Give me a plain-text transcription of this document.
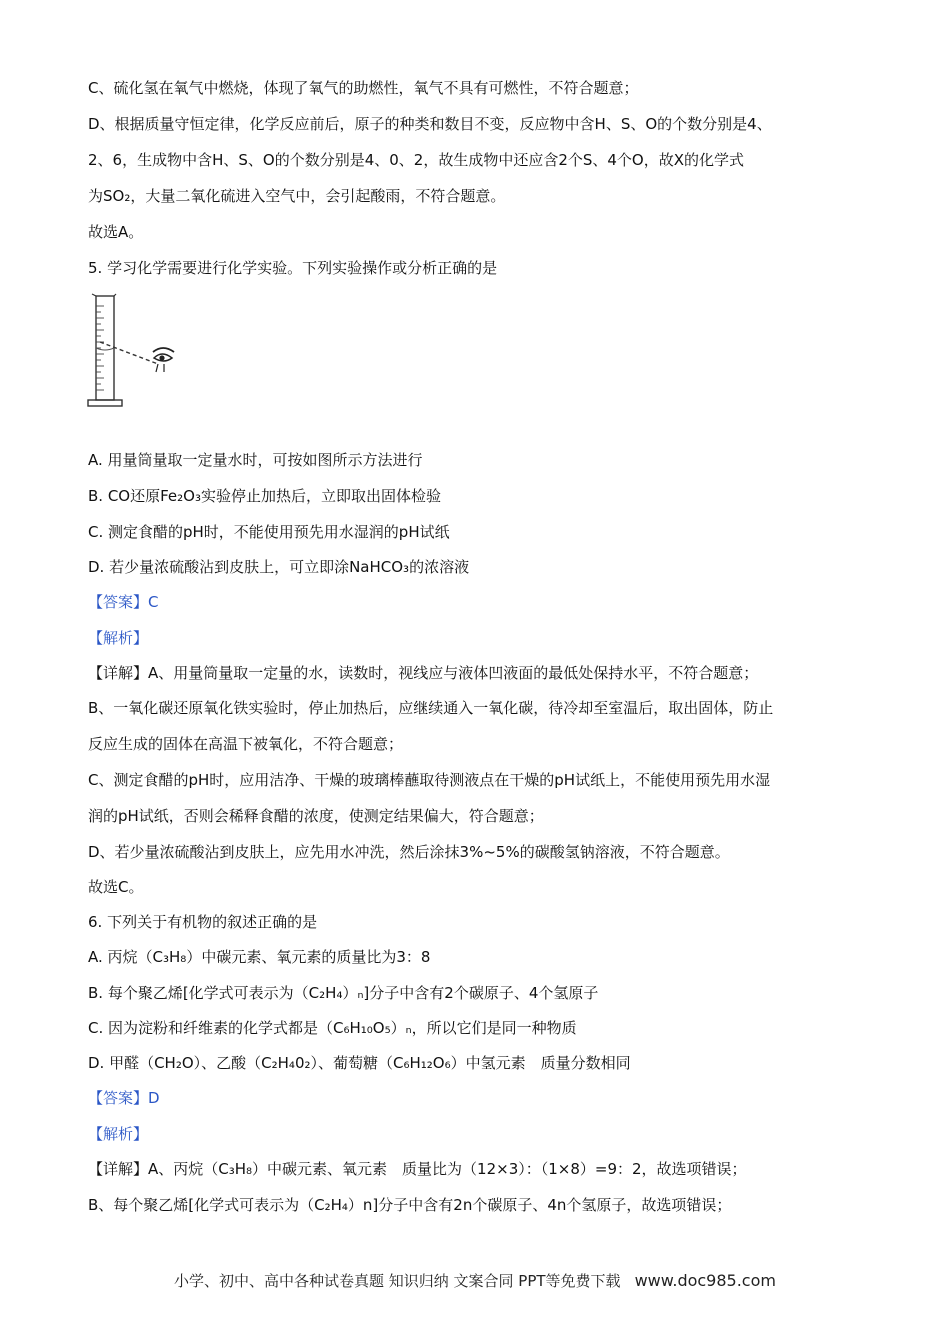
C、硫化氢在氧气中燃烧，体现了氧气的助燃性，氧气不具有可燃性，不符合题意；
D、根据质量守恒定律，化学反应前后，原子的种类和数目不变，反应物中含H、S、O的个数分别是4、
2、6，生成物中含H、S、O的个数分别是4、0、2，故生成物中还应含2个S、4个O，故X的化学式
为SO₂，大量二氧化硫进入空气中，会引起酸雨，不符合题意。
故选A。
5. 学习化学需要进行化学实验。下列实验操作或分析正确的是
A. 用量筒量取一定量水时，可按如图所示方法进行
B. CO还原Fe₂O₃实验停止加热后，立即取出固体检验
C. 测定食醋的pH时，不能使用预先用水湿润的pH试纸
D. 若少量浓硫酸沾到皮肤上，可立即涂NaHCO₃的浓溶液
【答案】C
【解析】
【详解】A、用量筒量取一定量的水，读数时，视线应与液体凹液面的最低处保持水平，不符合题意；
B、一氧化碳还原氧化铁实验时，停止加热后，应继续通入一氧化碳，待冷却至室温后，取出固体，防止
反应生成的固体在高温下被氧化，不符合题意；
C、测定食醋的pH时，应用洁净、干燥的玻璃棒蘸取待测液点在干燥的pH试纸上，不能使用预先用水湿
润的pH试纸，否则会稀释食醋的浓度，使测定结果偏大，符合题意；
D、若少量浓硫酸沾到皮肤上，应先用水冲洗，然后涂抹3%~5%的碳酸氢钠溶液，不符合题意。
故选C。
6. 下列关于有机物的叙述正确的是
A. 丙烷（C₃H₈）中碳元素、氧元素的质量比为3：8
B. 每个聚乙烯[化学式可表示为（C₂H₄）ₙ]分子中含有2个碳原子、4个氢原子
C. 因为淀粉和纤维素的化学式都是（C₆H₁₀O₅）ₙ，所以它们是同一种物质
D. 甲醛（CH₂O）、乙酸（C₂H₄0₂）、葡萄糖（C₆H₁₂O₆）中氢元素　质量分数相同
【答案】D
【解析】
【详解】A、丙烷（C₃H₈）中碳元素、氧元素　质量比为（12×3）：（1×8）=9：2，故选项错误；
B、每个聚乙烯[化学式可表示为（C₂H₄）n]分子中含有2n个碳原子、4n个氢原子，故选项错误；
小学、初中、高中各种试卷真题 知识归纳 文案合同 PPT等免费下载 www.doc985.com
